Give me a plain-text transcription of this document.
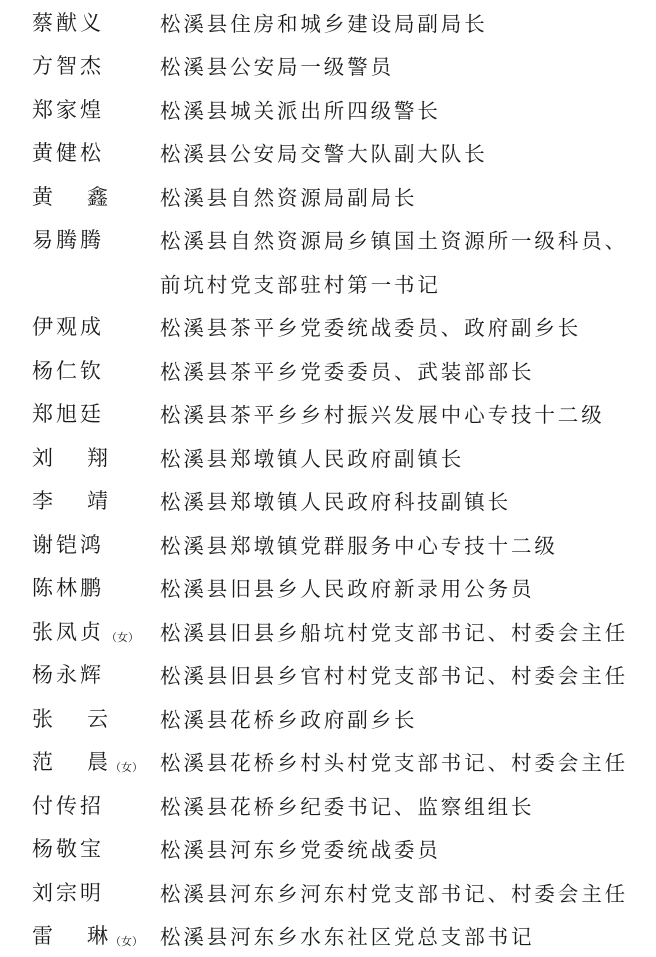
蔡猷义	松溪县住房和城乡建设局副局长
方智杰	松溪县公安局一级警员
郑家煌	松溪县城关派出所四级警长
黄健松	松溪县公安局交警大队副大队长
黄 鑫	松溪县自然资源局副局长
易腾腾	松溪县自然资源局乡镇国土资源所一级科员、
前坑村党支部驻村第一书记
伊观成	松溪县茶平乡党委统战委员、政府副乡长
杨仁钦	松溪县茶平乡党委委员、武装部部长
郑旭廷	松溪县茶平乡乡村振兴发展中心专技十二级
刘 翔	松溪县郑墩镇人民政府副镇长
李 靖	松溪县郑墩镇人民政府科技副镇长
谢铠鸿	松溪县郑墩镇党群服务中心专技十二级
陈林鹏	松溪县旧县乡人民政府新录用公务员
张凤贞 （女） 松溪县旧县乡船坑村党支部书记、村委会主任
杨永辉	松溪县旧县乡官村村党支部书记、村委会主任
张 云	松溪县花桥乡政府副乡长
范 晨 （女） 松溪县花桥乡村头村党支部书记、村委会主任
付传招	松溪县花桥乡纪委书记、监察组组长
杨敬宝	松溪县河东乡党委统战委员
刘宗明	松溪县河东乡河东村党支部书记、村委会主任
雷 琳 （女） 松溪县河东乡水东社区党总支部书记
